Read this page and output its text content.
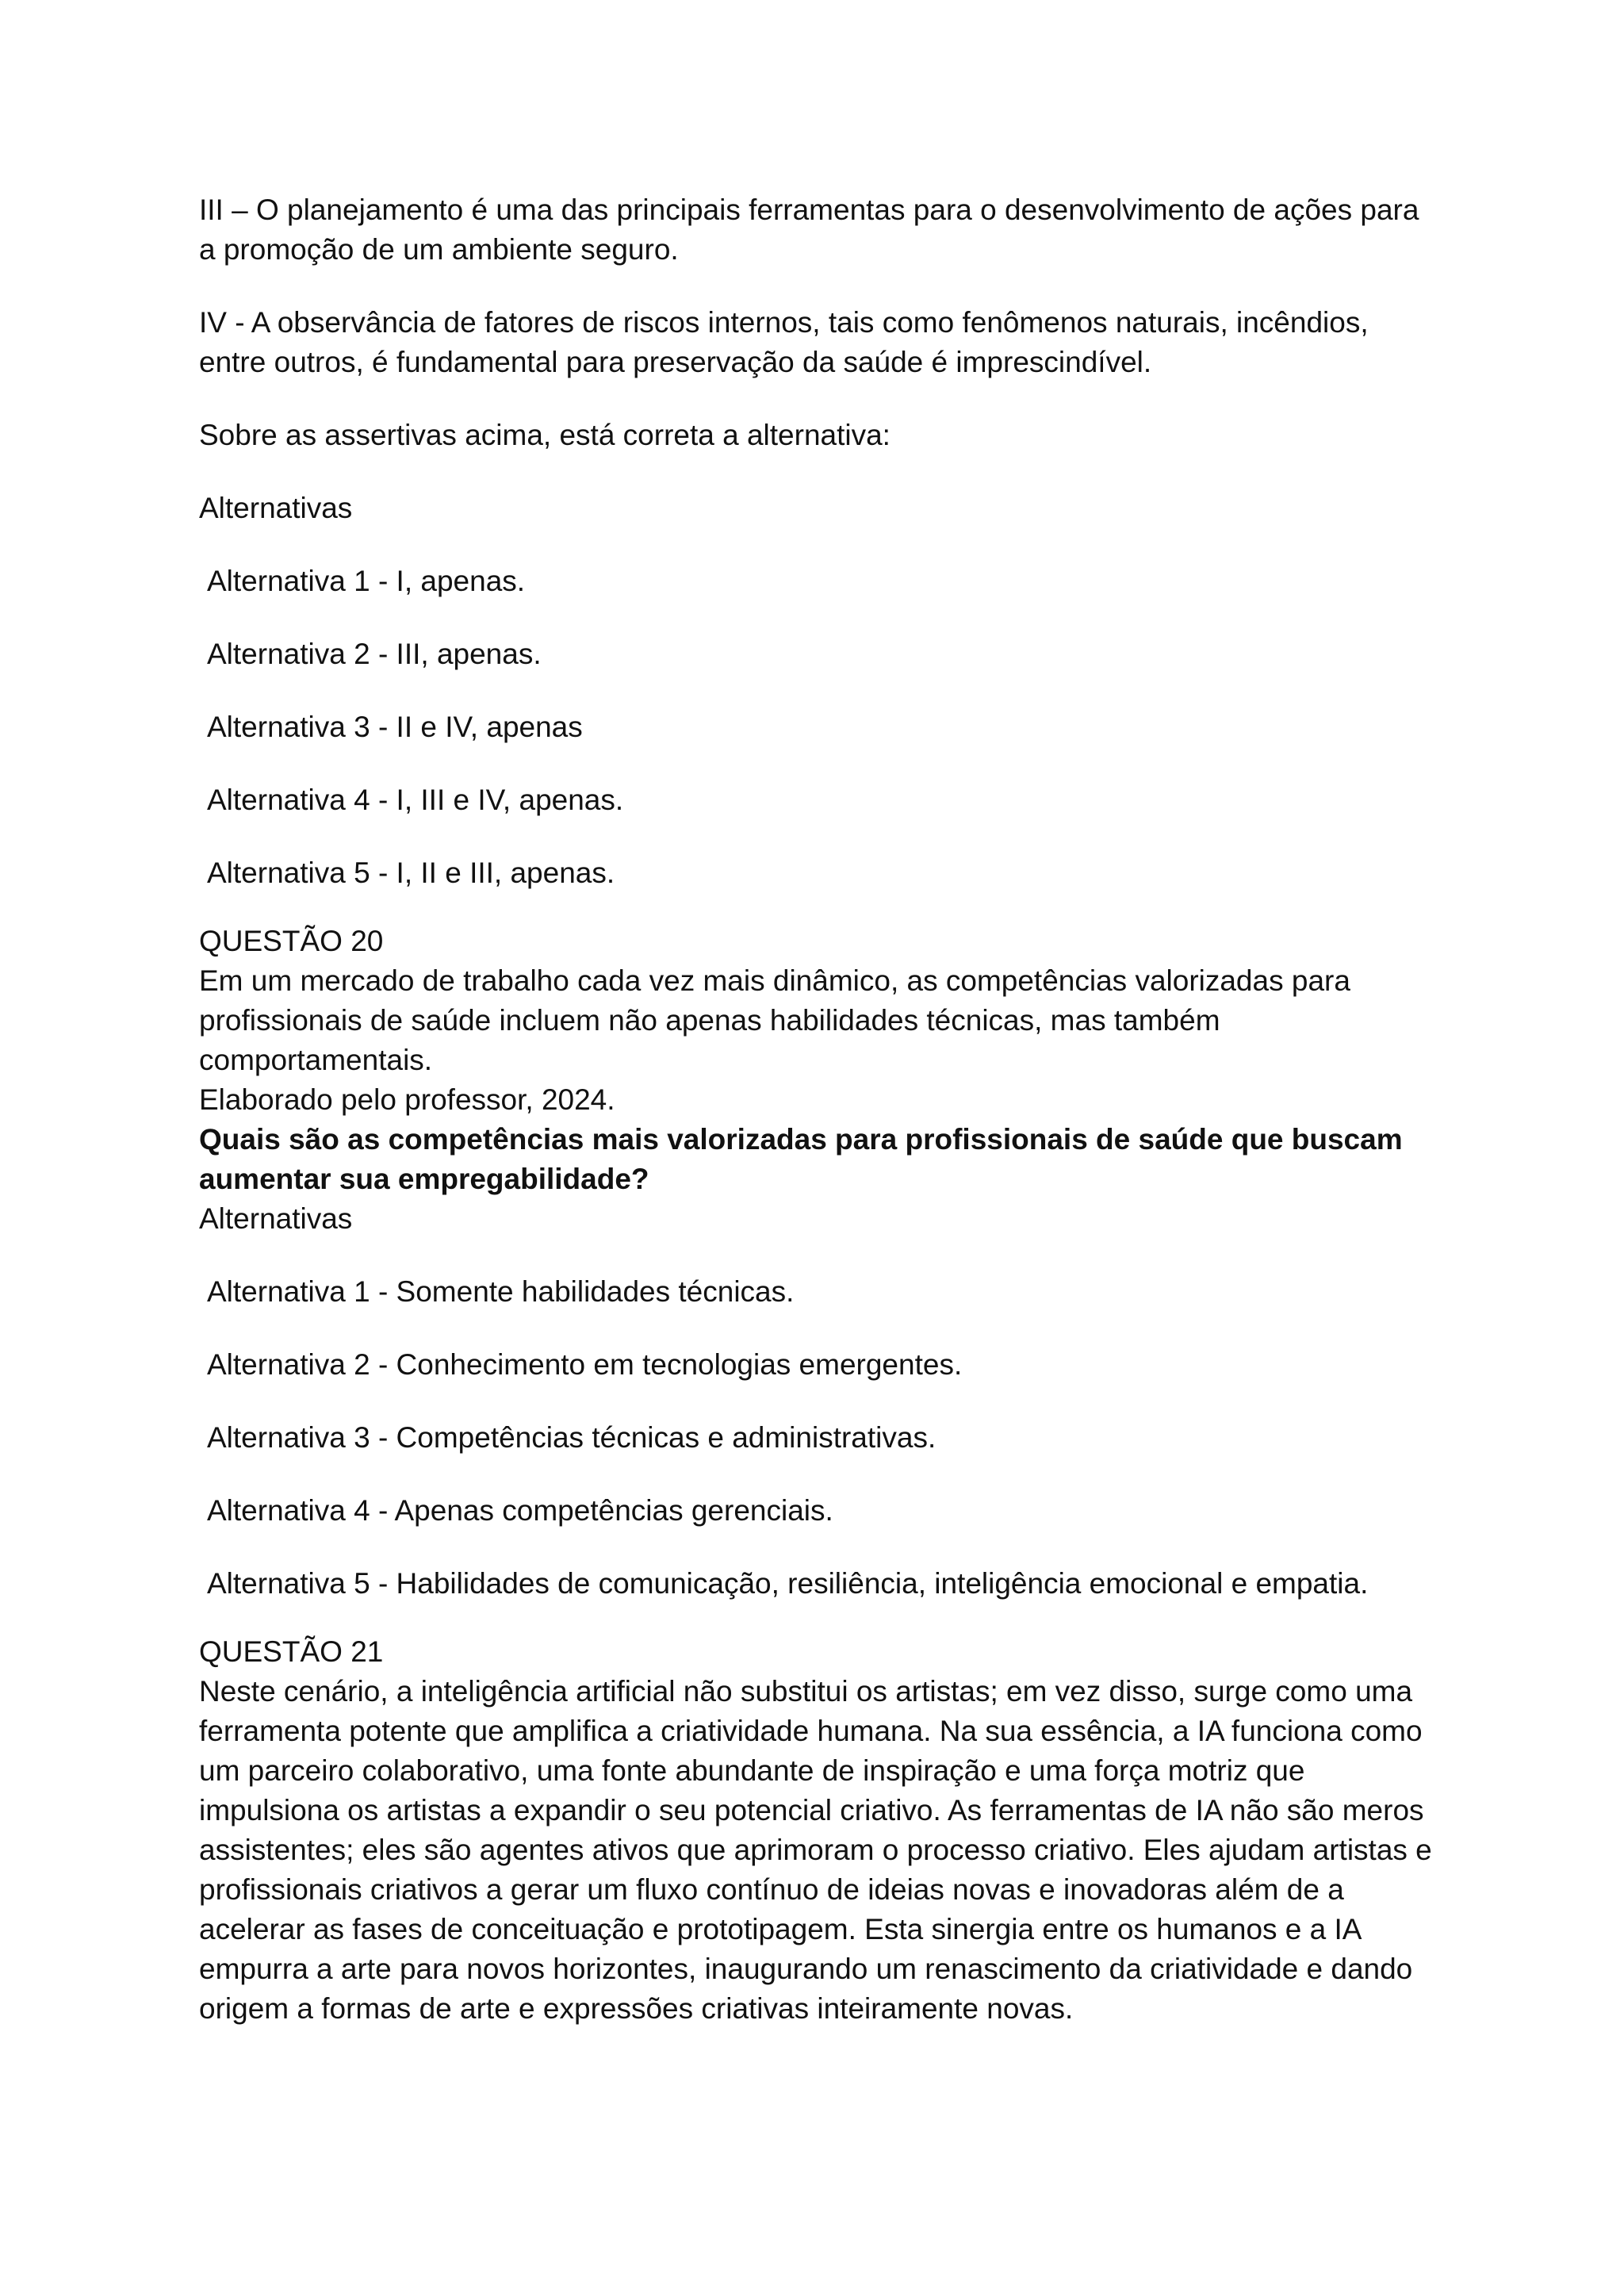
III – O planejamento é uma das principais ferramentas para o desenvolvimento de ações para a promoção de um ambiente seguro.

IV - A observância de fatores de riscos internos, tais como fenômenos naturais, incêndios, entre outros, é fundamental para preservação da saúde é imprescindível.

Sobre as assertivas acima, está correta a alternativa:

Alternativas

Alternativa 1 - I, apenas.
Alternativa 2 - III, apenas.
Alternativa 3 - II e IV, apenas
Alternativa 4 - I, III e IV, apenas.
Alternativa 5 - I, II e III, apenas.

QUESTÃO 20

Em um mercado de trabalho cada vez mais dinâmico, as competências valorizadas para profissionais de saúde incluem não apenas habilidades técnicas, mas também comportamentais.

Elaborado pelo professor, 2024.

Quais são as competências mais valorizadas para profissionais de saúde que buscam aumentar sua empregabilidade?

Alternativas

Alternativa 1 - Somente habilidades técnicas.
Alternativa 2 - Conhecimento em tecnologias emergentes.
Alternativa 3 - Competências técnicas e administrativas.
Alternativa 4 - Apenas competências gerenciais.
Alternativa 5 - Habilidades de comunicação, resiliência, inteligência emocional e empatia.

QUESTÃO 21

Neste cenário, a inteligência artificial não substitui os artistas; em vez disso, surge como uma ferramenta potente que amplifica a criatividade humana. Na sua essência, a IA funciona como um parceiro colaborativo, uma fonte abundante de inspiração e uma força motriz que impulsiona os artistas a expandir o seu potencial criativo. As ferramentas de IA não são meros assistentes; eles são agentes ativos que aprimoram o processo criativo. Eles ajudam artistas e profissionais criativos a gerar um fluxo contínuo de ideias novas e inovadoras além de a acelerar as fases de conceituação e prototipagem. Esta sinergia entre os humanos e a IA empurra a arte para novos horizontes, inaugurando um renascimento da criatividade e dando origem a formas de arte e expressões criativas inteiramente novas.
